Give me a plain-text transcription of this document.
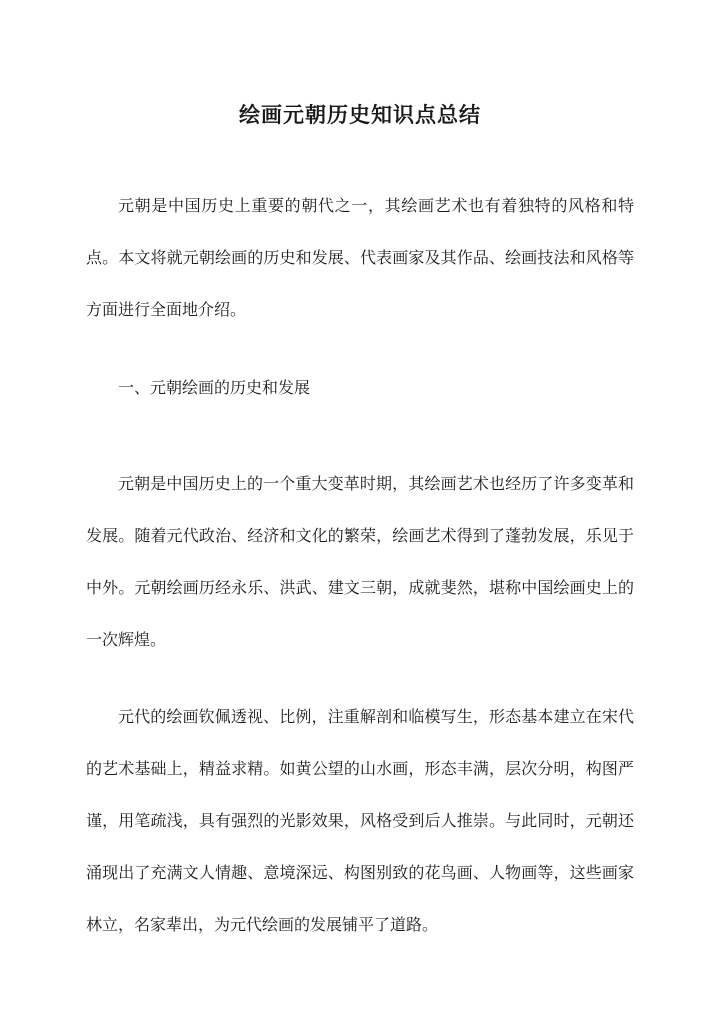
绘画元朝历史知识点总结

元朝是中国历史上重要的朝代之一，其绘画艺术也有着独特的风格和特点。本文将就元朝绘画的历史和发展、代表画家及其作品、绘画技法和风格等方面进行全面地介绍。

一、元朝绘画的历史和发展

元朝是中国历史上的一个重大变革时期，其绘画艺术也经历了许多变革和发展。随着元代政治、经济和文化的繁荣，绘画艺术得到了蓬勃发展，乐见于中外。元朝绘画历经永乐、洪武、建文三朝，成就斐然，堪称中国绘画史上的一次辉煌。

元代的绘画钦佩透视、比例，注重解剖和临模写生，形态基本建立在宋代的艺术基础上，精益求精。如黄公望的山水画，形态丰满，层次分明，构图严谨，用笔疏浅，具有强烈的光影效果，风格受到后人推崇。与此同时，元朝还涌现出了充满文人情趣、意境深远、构图别致的花鸟画、人物画等，这些画家林立，名家辈出，为元代绘画的发展铺平了道路。
